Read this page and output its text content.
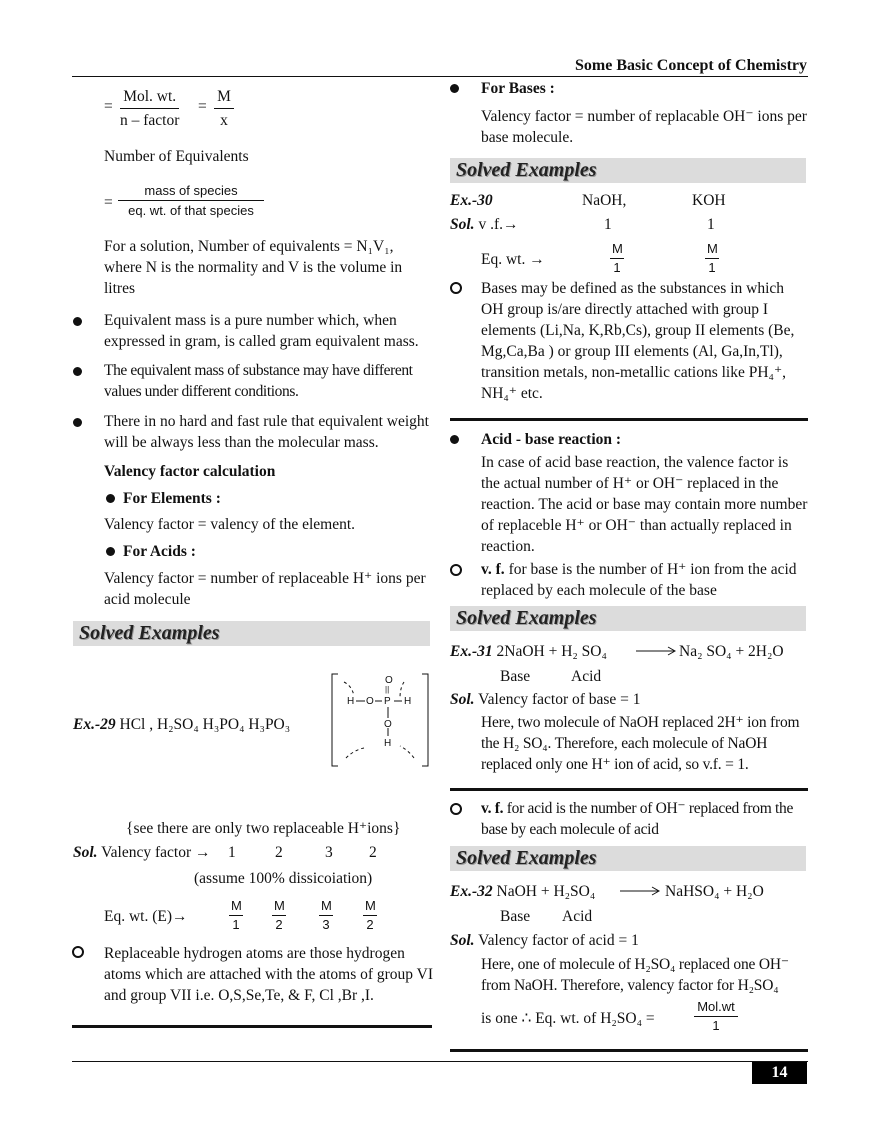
Some Basic Concept of Chemistry
=
Mol. wt.
n – factor
= $\frac{M}{x}$
Number of Equivalents
=
mass of species
eq. wt. of that species
For a solution, Number of equivalents = N₁V₁, where N is the normality and V is the volume in litres
Equivalent mass is a pure number which, when expressed in gram, is called gram equivalent mass.
The equivalent mass of substance may have different values under different conditions.
There in no hard and fast rule that equivalent weight will be always less than the molecular mass.
Valency factor calculation
For Elements :
Valency factor = valency of the element.
For Acids :
Valency factor = number of replaceable H⁺ ions per acid molecule
Solved Examples
Ex.-29 HCl , H₂SO₄ H₃PO₄ H₃PO₃
O
||
H O P H
O
H
{see there are only two replaceable H⁺ions}
Sol. Valency factor → 1	2	3 2
(assume 100% dissicoiation)
Eq. wt. (E)→	$\frac{M}{1} \frac{M}{2}$	$\frac{M}{3} \frac{M}{2}$
Replaceable hydrogen atoms are those hydrogen atoms which are attached with the atoms of group VI and group VII i.e. O,S,Se,Te, & F, Cl ,Br ,I.
For Bases :
Valency factor = number of replacable OH⁻ ions per base molecule.
Solved Examples
Ex.-30	NaOH,	KOH
Sol. v .f.→	1	1
Eq. wt. →	$\frac{M}{1}$	$\frac{M}{1}$
Bases may be defined as the substances in which OH group is/are directly attached with group I elements (Li,Na, K,Rb,Cs), group II elements (Be, Mg,Ca,Ba ) or group III elements (Al, Ga,In,Tl), transition metals, non-metallic cations like PH₄⁺, NH₄⁺ etc.
Acid - base reaction :
In case of acid base reaction, the valence factor is the actual number of H⁺ or OH⁻ replaced in the reaction. The acid or base may contain more number of replaceble H⁺ or OH⁻ than actually replaced in reaction.
v. f. for base is the number of H⁺ ion from the acid replaced by each molecule of the base
Solved Examples
Ex.-31 2NaOH + H₂ SO₄ → Na₂ SO₄ + 2H₂O
Base	Acid
Sol. Valency factor of base = 1
Here, two molecule of NaOH replaced 2H⁺ ion from the H₂ SO₄. Therefore, each molecule of NaOH replaced only one H⁺ ion of acid, so v.f. = 1.
v. f. for acid is the number of OH⁻ replaced from the base by each molecule of acid
Solved Examples
Ex.-32 NaOH + H₂SO₄ → NaHSO₄ + H₂O
Base Acid
Sol. Valency factor of acid = 1
Here, one of molecule of H₂SO₄ replaced one OH⁻ from NaOH. Therefore, valency factor for H₂SO₄
is one ∴ Eq. wt. of H₂SO₄ =
Mol.wt
1
14
